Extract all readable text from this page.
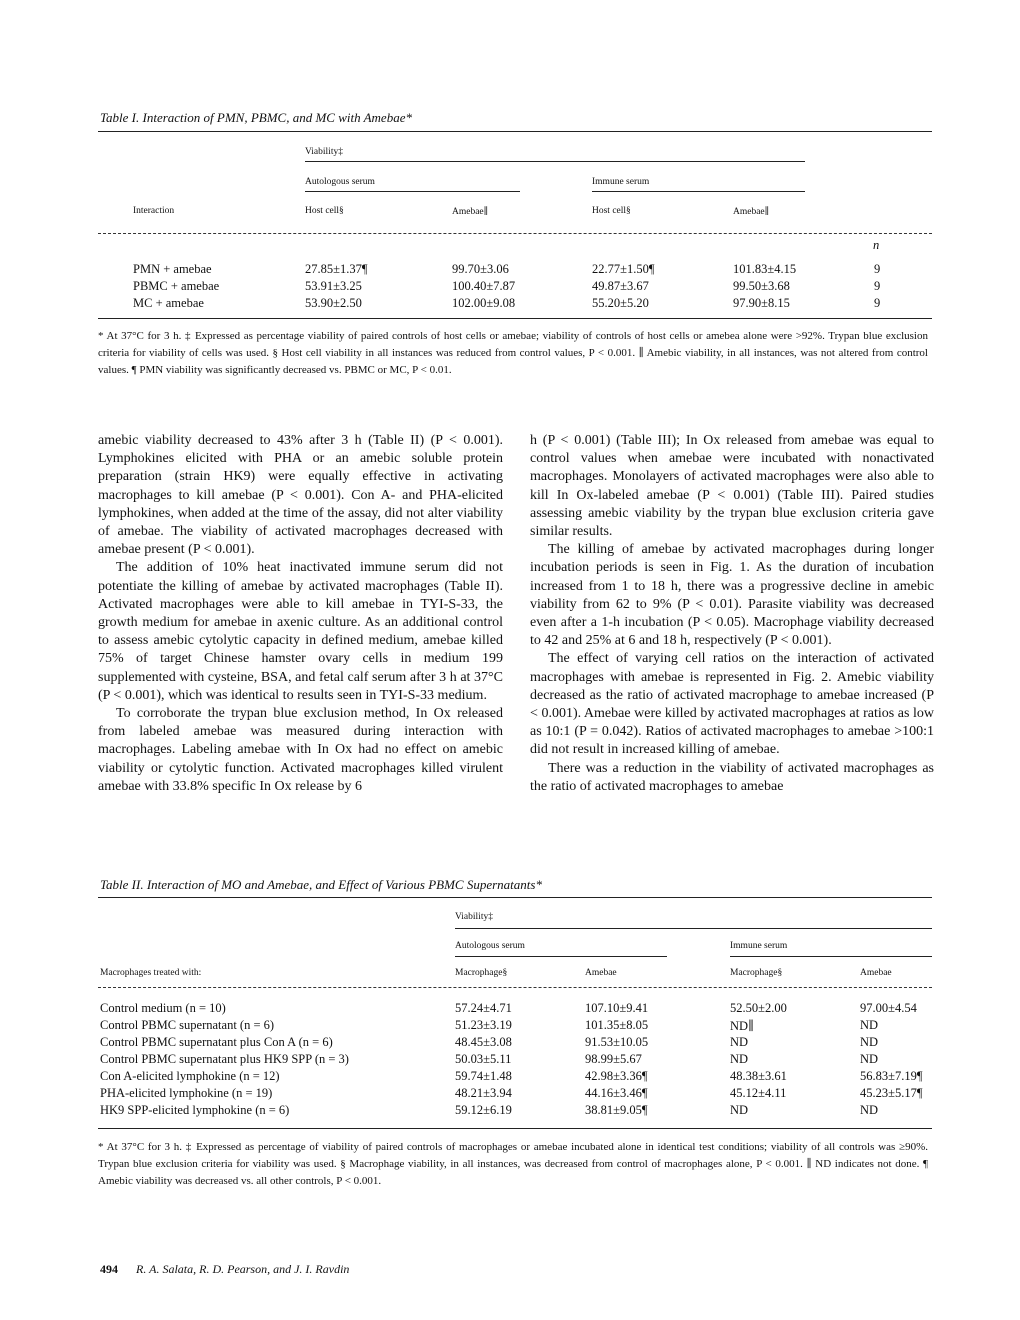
Table I. Interaction of PMN, PBMC, and MC with Amebae*
Viability‡
Autologous serum	Immune serum
Interaction	Host cell§	Amebae∥	Host cell§	Amebae∥
n
PMN + amebae	27.85±1.37¶	99.70±3.06	22.77±1.50¶	101.83±4.15	9
PBMC + amebae	53.91±3.25	100.40±7.87	49.87±3.67	99.50±3.68	9
MC + amebae	53.90±2.50	102.00±9.08	55.20±5.20	97.90±8.15	9
* At 37°C for 3 h. ‡ Expressed as percentage viability of paired controls of host cells or amebae; viability of controls of host cells or amebea alone were >92%. Trypan blue exclusion criteria for viability of cells was used. § Host cell viability in all instances was reduced from control values, P < 0.001. ∥ Amebic viability, in all instances, was not altered from control values. ¶ PMN viability was significantly decreased vs. PBMC or MC, P < 0.01.

amebic viability decreased to 43% after 3 h (Table II) (P < 0.001). Lymphokines elicited with PHA or an amebic soluble protein preparation (strain HK9) were equally effective in activating macrophages to kill amebae (P < 0.001). Con A- and PHA-elicited lymphokines, when added at the time of the assay, did not alter viability of amebae. The viability of activated macrophages decreased with amebae present (P < 0.001).

The addition of 10% heat inactivated immune serum did not potentiate the killing of amebae by activated macrophages (Table II). Activated macrophages were able to kill amebae in TYI-S-33, the growth medium for amebae in axenic culture. As an additional control to assess amebic cytolytic capacity in defined medium, amebae killed 75% of target Chinese hamster ovary cells in medium 199 supplemented with cysteine, BSA, and fetal calf serum after 3 h at 37°C (P < 0.001), which was identical to results seen in TYI-S-33 medium.

To corroborate the trypan blue exclusion method, In Ox released from labeled amebae was measured during interaction with macrophages. Labeling amebae with In Ox had no effect on amebic viability or cytolytic function. Activated macrophages killed virulent amebae with 33.8% specific In Ox release by 6

h (P < 0.001) (Table III); In Ox released from amebae was equal to control values when amebae were incubated with nonactivated macrophages. Monolayers of activated macrophages were also able to kill In Ox-labeled amebae (P < 0.001) (Table III). Paired studies assessing amebic viability by the trypan blue exclusion criteria gave similar results.

The killing of amebae by activated macrophages during longer incubation periods is seen in Fig. 1. As the duration of incubation increased from 1 to 18 h, there was a progressive decline in amebic viability from 62 to 9% (P < 0.01). Parasite viability was decreased even after a 1-h incubation (P < 0.05). Macrophage viability decreased to 42 and 25% at 6 and 18 h, respectively (P < 0.001).

The effect of varying cell ratios on the interaction of activated macrophages with amebae is represented in Fig. 2. Amebic viability decreased as the ratio of activated macrophage to amebae increased (P < 0.001). Amebae were killed by activated macrophages at ratios as low as 10:1 (P = 0.042). Ratios of activated macrophages to amebae >100:1 did not result in increased killing of amebae.

There was a reduction in the viability of activated macrophages as the ratio of activated macrophages to amebae

Table II. Interaction of MO and Amebae, and Effect of Various PBMC Supernatants*
Viability‡
Autologous serum	Immune serum
Macrophages treated with:	Macrophage§	Amebae	Macrophage§	Amebae
Control medium (n = 10)	57.24±4.71	107.10±9.41	52.50±2.00	97.00±4.54
Control PBMC supernatant (n = 6)	51.23±3.19	101.35±8.05	ND∥	ND
Control PBMC supernatant plus Con A (n = 6)	48.45±3.08	91.53±10.05	ND	ND
Control PBMC supernatant plus HK9 SPP (n = 3)	50.03±5.11	98.99±5.67	ND	ND
Con A-elicited lymphokine (n = 12)	59.74±1.48	42.98±3.36¶	48.38±3.61	56.83±7.19¶
PHA-elicited lymphokine (n = 19)	48.21±3.94	44.16±3.46¶	45.12±4.11	45.23±5.17¶
HK9 SPP-elicited lymphokine (n = 6)	59.12±6.19	38.81±9.05¶	ND	ND
* At 37°C for 3 h. ‡ Expressed as percentage of viability of paired controls of macrophages or amebae incubated alone in identical test conditions; viability of all controls was ≥90%. Trypan blue exclusion criteria for viability was used. § Macrophage viability, in all instances, was decreased from control of macrophages alone, P < 0.001. ∥ ND indicates not done. ¶ Amebic viability was decreased vs. all other controls, P < 0.001.
494 R. A. Salata, R. D. Pearson, and J. I. Ravdin
